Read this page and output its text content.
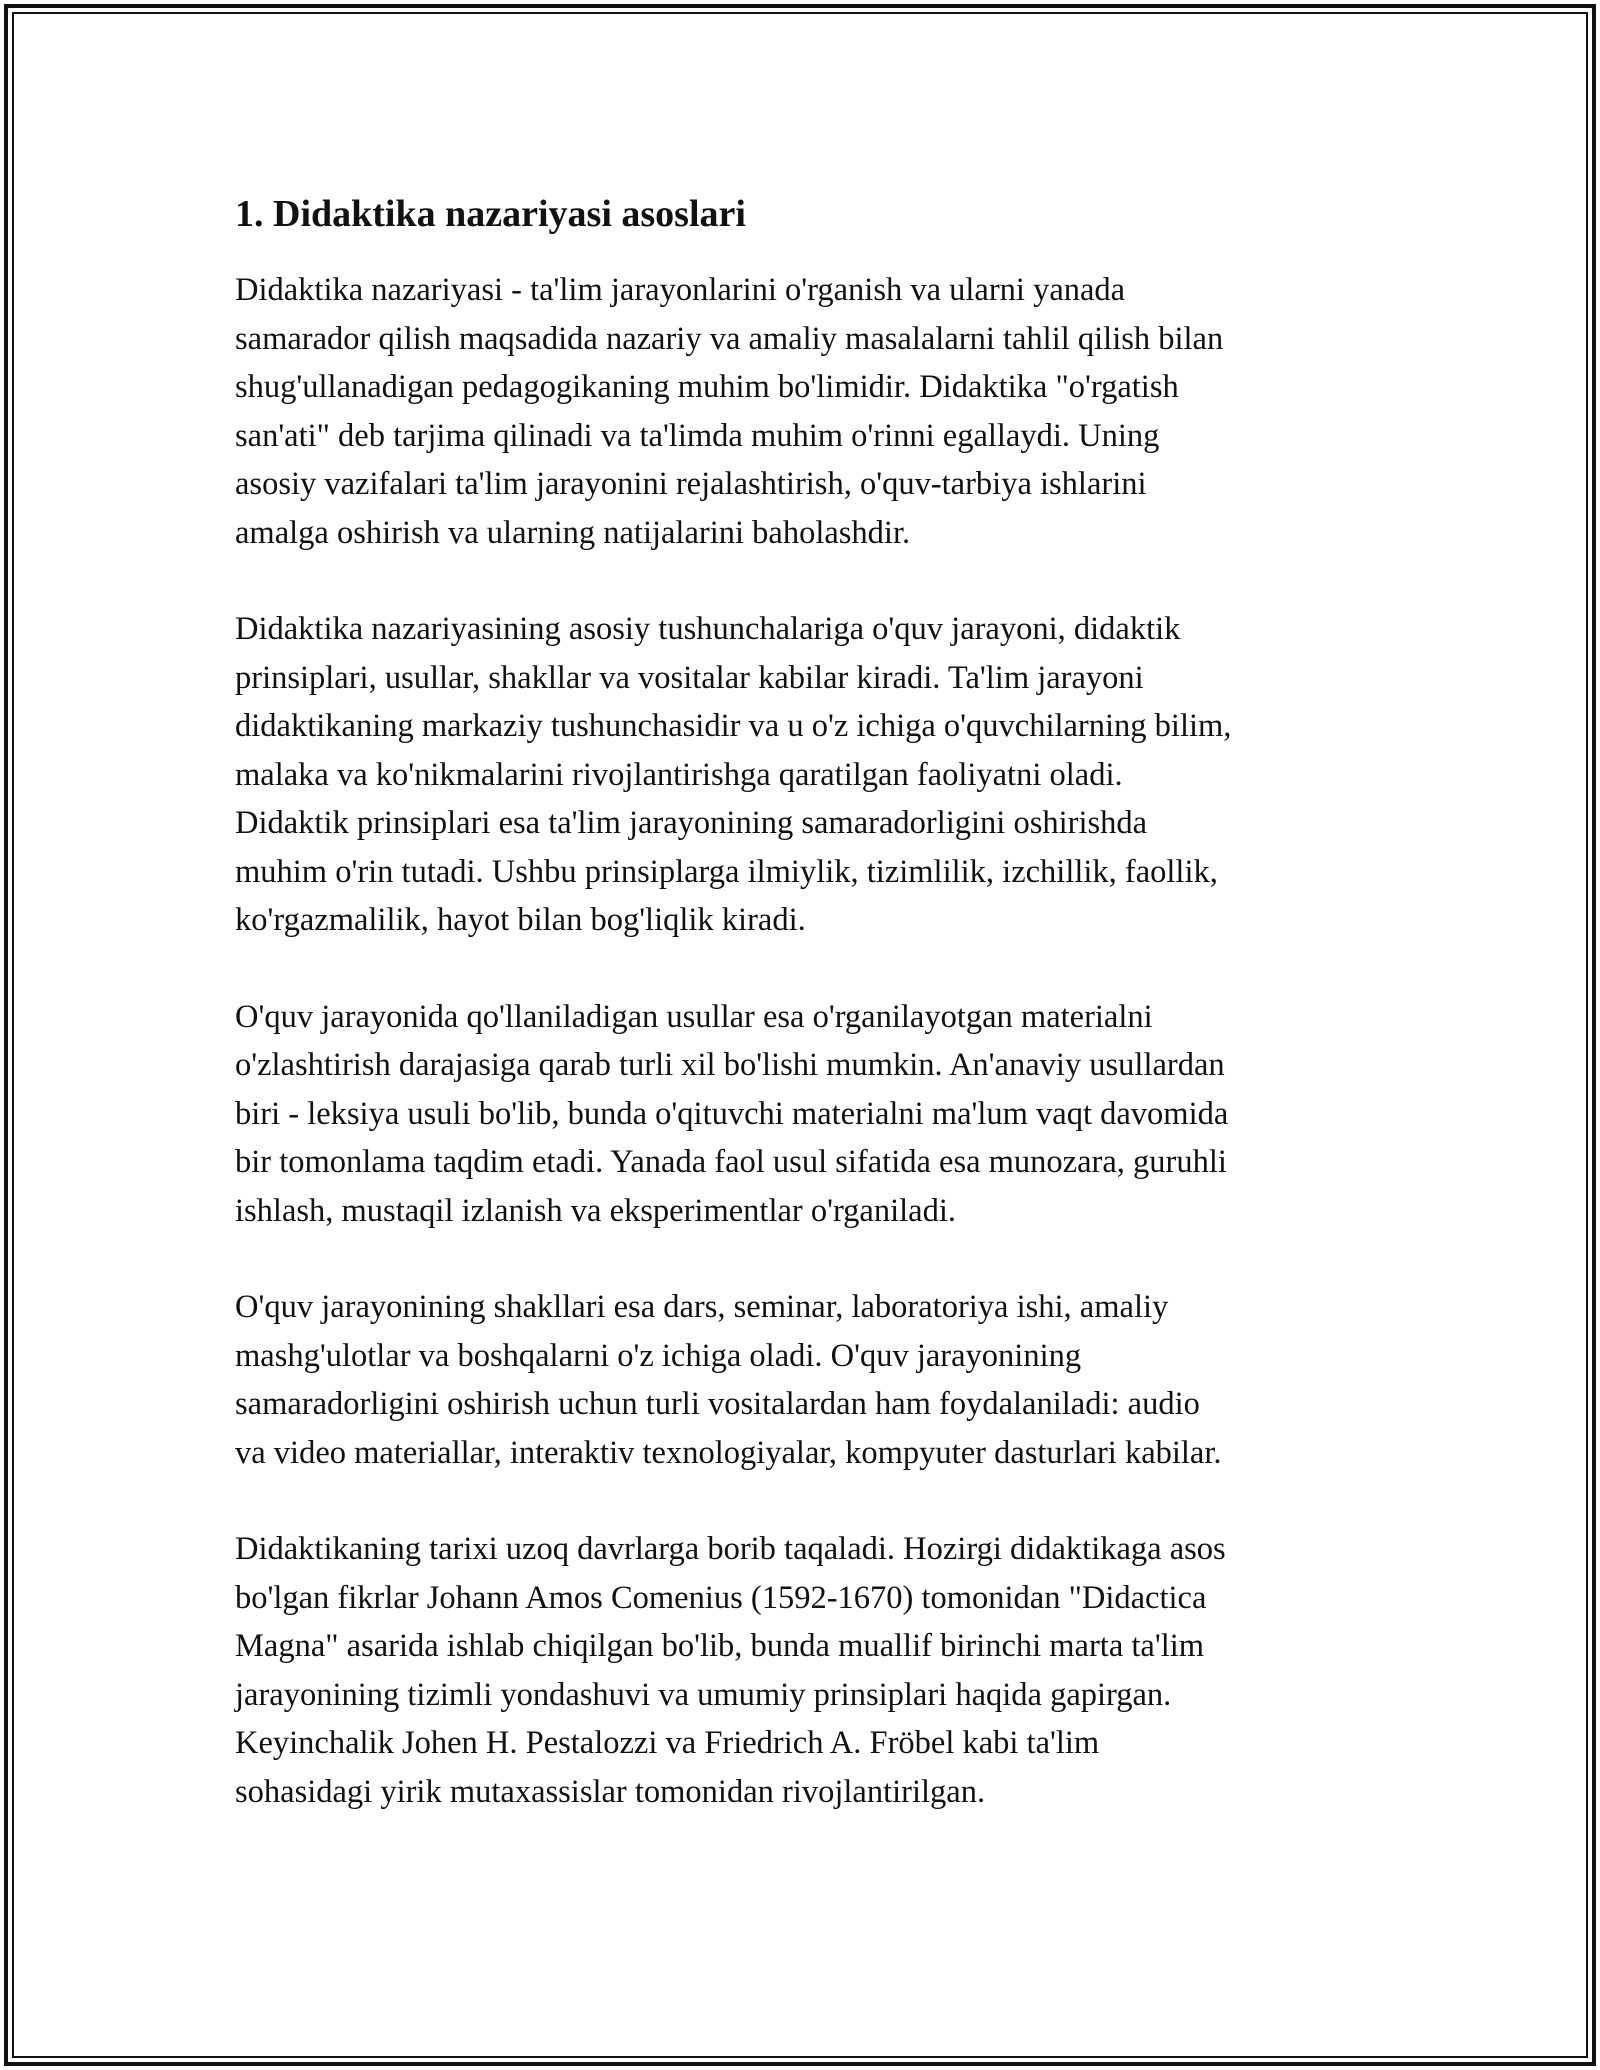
1. Didaktika nazariyasi asoslari

Didaktika nazariyasi - ta'lim jarayonlarini o'rganish va ularni yanada
samarador qilish maqsadida nazariy va amaliy masalalarni tahlil qilish bilan
shug'ullanadigan pedagogikaning muhim bo'limidir. Didaktika "o'rgatish
san'ati" deb tarjima qilinadi va ta'limda muhim o'rinni egallaydi. Uning
asosiy vazifalari ta'lim jarayonini rejalashtirish, o'quv-tarbiya ishlarini
amalga oshirish va ularning natijalarini baholashdir.

Didaktika nazariyasining asosiy tushunchalariga o'quv jarayoni, didaktik
prinsiplari, usullar, shakllar va vositalar kabilar kiradi. Ta'lim jarayoni
didaktikaning markaziy tushunchasidir va u o'z ichiga o'quvchilarning bilim,
malaka va ko'nikmalarini rivojlantirishga qaratilgan faoliyatni oladi.
Didaktik prinsiplari esa ta'lim jarayonining samaradorligini oshirishda
muhim o'rin tutadi. Ushbu prinsiplarga ilmiylik, tizimlilik, izchillik, faollik,
ko'rgazmalilik, hayot bilan bog'liqlik kiradi.

O'quv jarayonida qo'llaniladigan usullar esa o'rganilayotgan materialni
o'zlashtirish darajasiga qarab turli xil bo'lishi mumkin. An'anaviy usullardan
biri - leksiya usuli bo'lib, bunda o'qituvchi materialni ma'lum vaqt davomida
bir tomonlama taqdim etadi. Yanada faol usul sifatida esa munozara, guruhli
ishlash, mustaqil izlanish va eksperimentlar o'rganiladi.

O'quv jarayonining shakllari esa dars, seminar, laboratoriya ishi, amaliy
mashg'ulotlar va boshqalarni o'z ichiga oladi. O'quv jarayonining
samaradorligini oshirish uchun turli vositalardan ham foydalaniladi: audio
va video materiallar, interaktiv texnologiyalar, kompyuter dasturlari kabilar.

Didaktikaning tarixi uzoq davrlarga borib taqaladi. Hozirgi didaktikaga asos
bo'lgan fikrlar Johann Amos Comenius (1592-1670) tomonidan "Didactica
Magna" asarida ishlab chiqilgan bo'lib, bunda muallif birinchi marta ta'lim
jarayonining tizimli yondashuvi va umumiy prinsiplari haqida gapirgan.
Keyinchalik Johen H. Pestalozzi va Friedrich A. Fröbel kabi ta'lim
sohasidagi yirik mutaxassislar tomonidan rivojlantirilgan.
